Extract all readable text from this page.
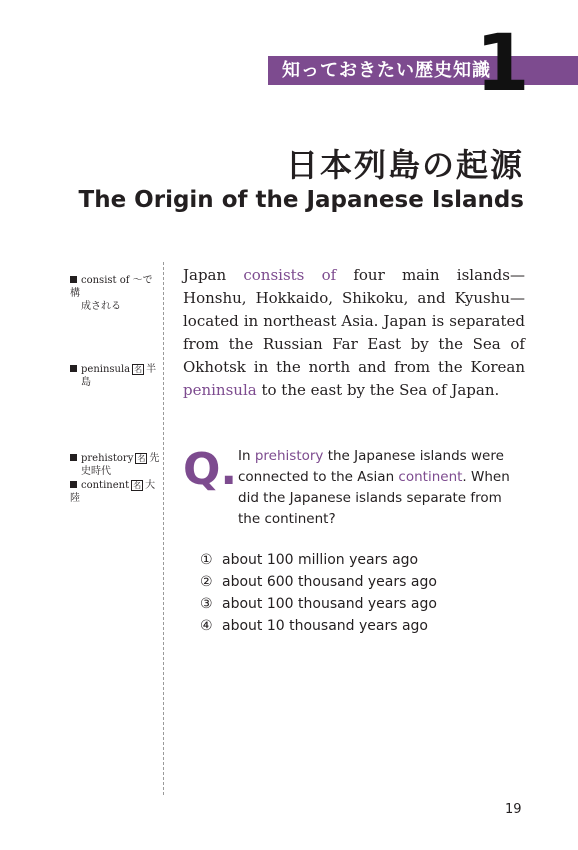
知っておきたい歴史知識
1
日本列島の起源
The Origin of the Japanese Islands
consist of ～で構
成される
peninsula 名 半
島
prehistory 名 先
史時代
continent 名 大陸
Japan consists of four main islands—Honshu, Hokkaido, Shikoku, and Kyushu—located in northeast Asia. Japan is separated from the Russian Far East by the Sea of Okhotsk in the north and from the Korean peninsula to the east by the Sea of Japan.
Q. In prehistory the Japanese islands were connected to the Asian continent. When did the Japanese islands separate from the continent?
① about 100 million years ago
② about 600 thousand years ago
③ about 100 thousand years ago
④ about 10 thousand years ago
19
